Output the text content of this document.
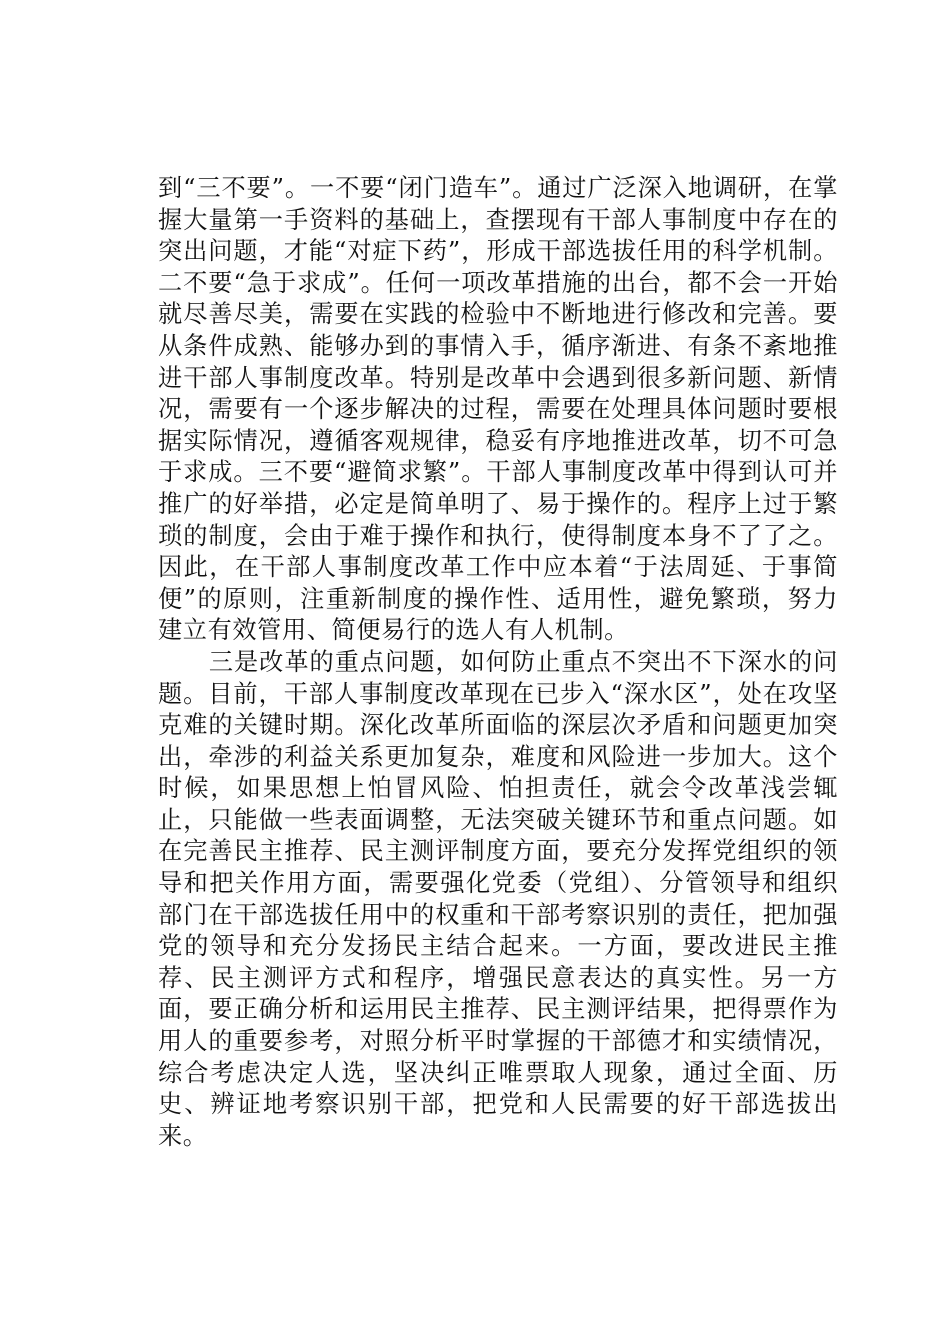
到“三不要”。一不要“闭门造车”。通过广泛深入地调研，在掌握大量第一手资料的基础上，查摆现有干部人事制度中存在的突出问题，才能“对症下药”，形成干部选拔任用的科学机制。二不要“急于求成”。任何一项改革措施的出台，都不会一开始就尽善尽美，需要在实践的检验中不断地进行修改和完善。要从条件成熟、能够办到的事情入手，循序渐进、有条不紊地推进干部人事制度改革。特别是改革中会遇到很多新问题、新情况，需要有一个逐步解决的过程，需要在处理具体问题时要根据实际情况，遵循客观规律，稳妥有序地推进改革，切不可急于求成。三不要“避简求繁”。干部人事制度改革中得到认可并推广的好举措，必定是简单明了、易于操作的。程序上过于繁琐的制度，会由于难于操作和执行，使得制度本身不了了之。因此，在干部人事制度改革工作中应本着“于法周延、于事简便”的原则，注重新制度的操作性、适用性，避免繁琐，努力建立有效管用、简便易行的选人有人机制。

三是改革的重点问题，如何防止重点不突出不下深水的问题。目前，干部人事制度改革现在已步入“深水区”，处在攻坚克难的关键时期。深化改革所面临的深层次矛盾和问题更加突出，牵涉的利益关系更加复杂，难度和风险进一步加大。这个时候，如果思想上怕冒风险、怕担责任，就会令改革浅尝辄止，只能做一些表面调整，无法突破关键环节和重点问题。如在完善民主推荐、民主测评制度方面，要充分发挥党组织的领导和把关作用方面，需要强化党委（党组）、分管领导和组织部门在干部选拔任用中的权重和干部考察识别的责任，把加强党的领导和充分发扬民主结合起来。一方面，要改进民主推荐、民主测评方式和程序，增强民意表达的真实性。另一方面，要正确分析和运用民主推荐、民主测评结果，把得票作为用人的重要参考，对照分析平时掌握的干部德才和实绩情况，综合考虑决定人选，坚决纠正唯票取人现象，通过全面、历史、辨证地考察识别干部，把党和人民需要的好干部选拔出来。
